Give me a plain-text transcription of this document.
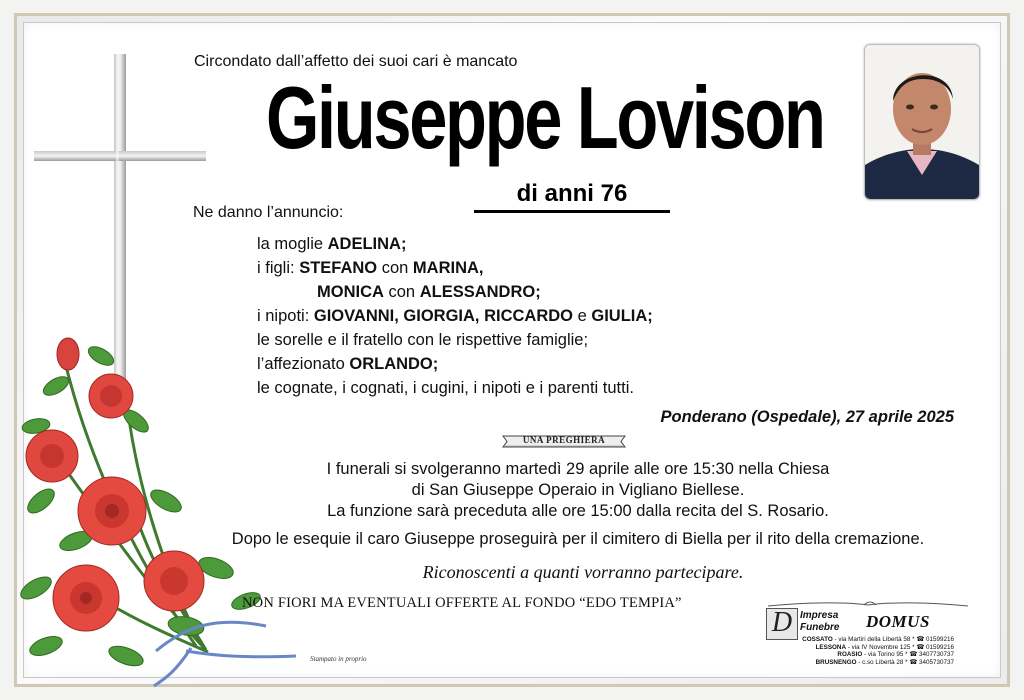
Circondato dall’affetto dei suoi cari è mancato
Giuseppe Lovison
di anni 76
Ne danno l’annuncio:
la moglie ADELINA;
i figli: STEFANO con MARINA,
MONICA con ALESSANDRO;
i nipoti: GIOVANNI, GIORGIA, RICCARDO e GIULIA;
le sorelle e il fratello con le rispettive famiglie;
l’affezionato ORLANDO;
le cognate, i cognati, i cugini, i nipoti e i parenti tutti.
Ponderano (Ospedale), 27 aprile 2025
UNA PREGHIERA
I funerali si svolgeranno martedì 29 aprile alle ore 15:30 nella Chiesa
di San Giuseppe Operaio in Vigliano Biellese.
La funzione sarà preceduta alle ore 15:00 dalla recita del S. Rosario.
Dopo le esequie il caro Giuseppe proseguirà per il cimitero di Biella per il rito della cremazione.
Riconoscenti a quanti vorranno partecipare.
NON FIORI MA EVENTUALI OFFERTE AL FONDO “EDO TEMPIA”
Stampato in proprio
D Impresa
Funebre DOMUS
COSSATO - via Martiri della Libertà 58 * ☎ 01599216
LESSONA - via IV Novembre 125 * ☎ 01599216
ROASIO - via Torino 95 * ☎ 3407730737
BRUSNENGO - c.so Libertà 28 * ☎ 3405730737
